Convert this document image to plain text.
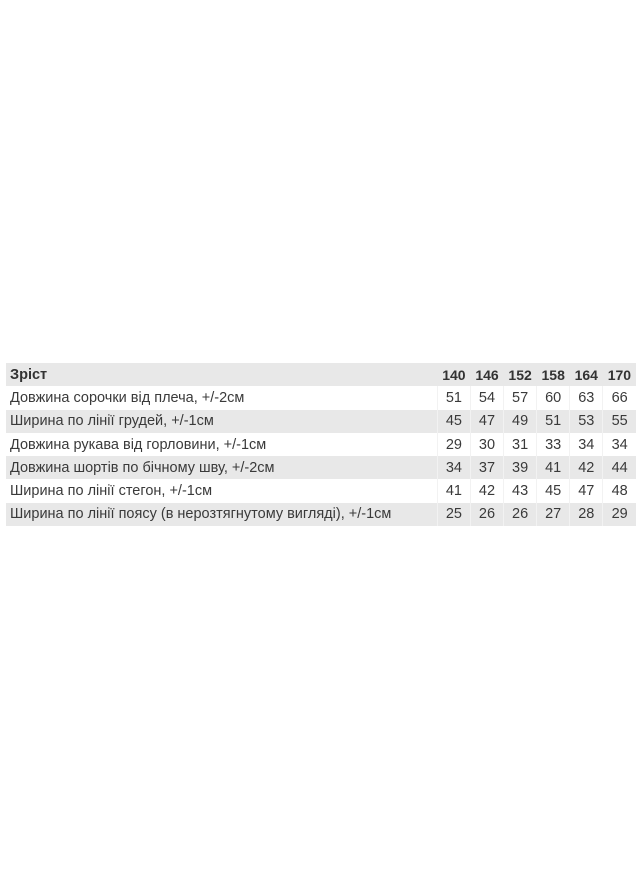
Зріст	140	146	152	158	164	170
Довжина сорочки від плеча, +/-2см	51	54	57	60	63	66
Ширина по лінії грудей, +/-1см	45	47	49	51	53	55
Довжина рукава від горловини, +/-1см	29	30	31	33	34	34
Довжина шортів по бічному шву, +/-2см	34	37	39	41	42	44
Ширина по лінії стегон, +/-1см	41	42	43	45	47	48
Ширина по лінії поясу (в нерозтягнутому вигляді), +/-1см	25	26	26	27	28	29
